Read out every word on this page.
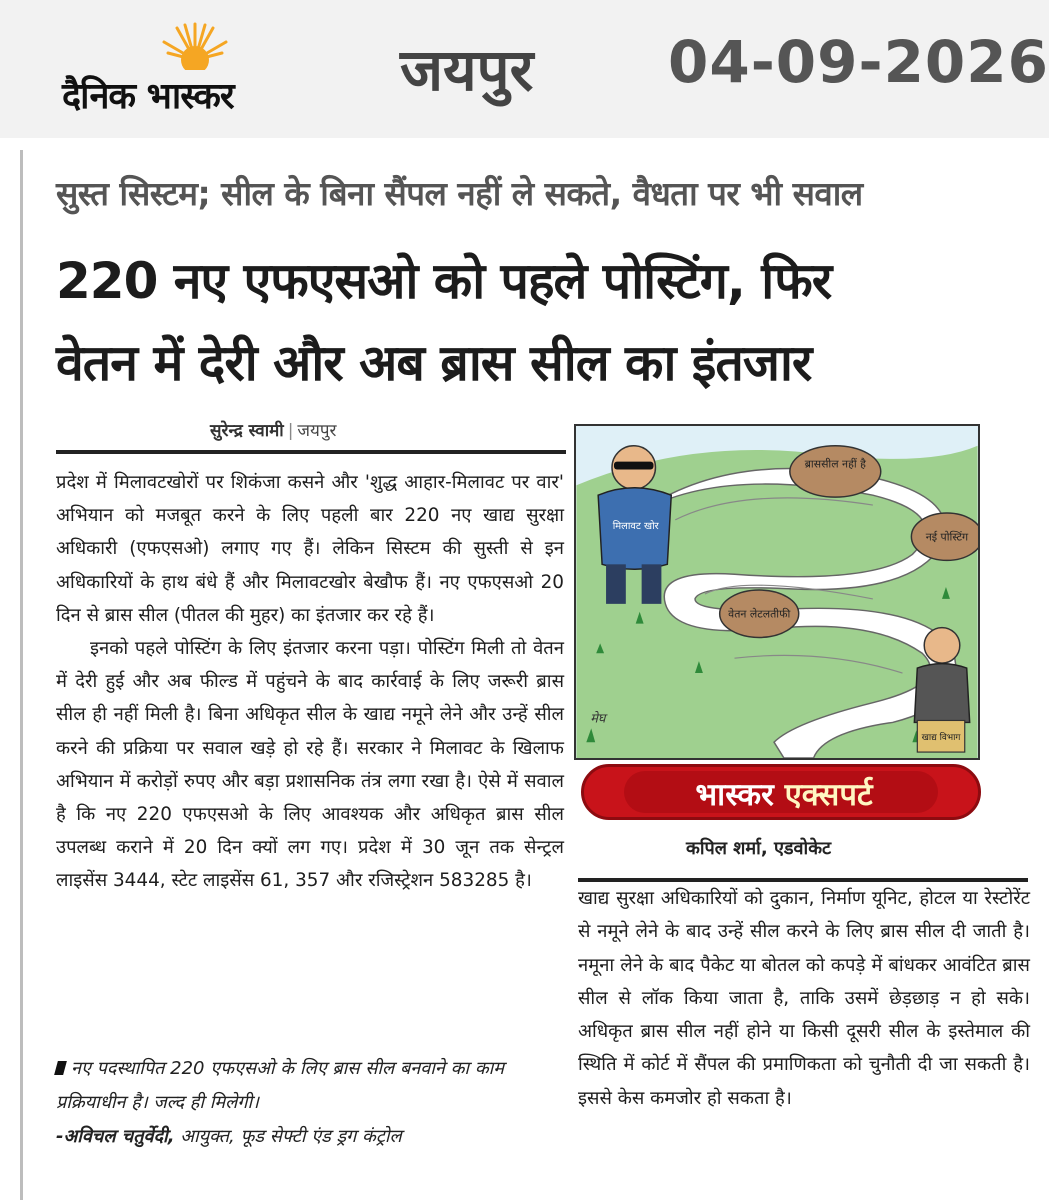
दैनिक भास्कर	जयपुर 04-09-2026
सुस्त सिस्टम; सील के बिना सैंपल नहीं ले सकते, वैधता पर भी सवाल
220 नए एफएसओ को पहले पोस्टिंग, फिर
वेतन में देरी और अब ब्रास सील का इंतजार
सुरेन्द्र स्वामी | जयपुर

प्रदेश में मिलावटखोरों पर शिकंजा कसने और 'शुद्ध आहार-मिलावट पर वार' अभियान को मजबूत करने के लिए पहली बार 220 नए खाद्य सुरक्षा अधिकारी (एफएसओ) लगाए गए हैं। लेकिन सिस्टम की सुस्ती से इन अधिकारियों के हाथ बंधे हैं और मिलावटखोर बेखौफ हैं। नए एफएसओ 20 दिन से ब्रास सील (पीतल की मुहर) का इंतजार कर रहे हैं।

इनको पहले पोस्टिंग के लिए इंतजार करना पड़ा। पोस्टिंग मिली तो वेतन में देरी हुई और अब फील्ड में पहुंचने के बाद कार्रवाई के लिए जरूरी ब्रास सील ही नहीं मिली है। बिना अधिकृत सील के खाद्य नमूने लेने और उन्हें सील करने की प्रक्रिया पर सवाल खड़े हो रहे हैं। सरकार ने मिलावट के खिलाफ अभियान में करोड़ों रुपए और बड़ा प्रशासनिक तंत्र लगा रखा है। ऐसे में सवाल है कि नए 220 एफएसओ के लिए आवश्यक और अधिकृत ब्रास सील उपलब्ध कराने में 20 दिन क्यों लग गए। प्रदेश में 30 जून तक सेन्ट्रल लाइसेंस 3444, स्टेट लाइसेंस 61, 357 और रजिस्ट्रेशन 583285 है।

नए पदस्थापित 220 एफएसओ के लिए ब्रास सील बनवाने का काम प्रक्रियाधीन है। जल्द ही मिलेगी।
-अविचल चतुर्वेदी, आयुक्त, फूड सेफ्टी एंड ड्रग कंट्रोल
ब्राससील नहीं है
नई पोस्टिंग
वेतन लेटलतीफी
मिलावट खोर
खाद्य विभाग
मेघ
भास्कर एक्सपर्ट
कपिल शर्मा, एडवोकेट
खाद्य सुरक्षा अधिकारियों को दुकान, निर्माण यूनिट, होटल या रेस्टोरेंट से नमूने लेने के बाद उन्हें सील करने के लिए ब्रास सील दी जाती है। नमूना लेने के बाद पैकेट या बोतल को कपड़े में बांधकर आवंटित ब्रास सील से लॉक किया जाता है, ताकि उसमें छेड़छाड़ न हो सके। अधिकृत ब्रास सील नहीं होने या किसी दूसरी सील के इस्तेमाल की स्थिति में कोर्ट में सैंपल की प्रमाणिकता को चुनौती दी जा सकती है। इससे केस कमजोर हो सकता है।
